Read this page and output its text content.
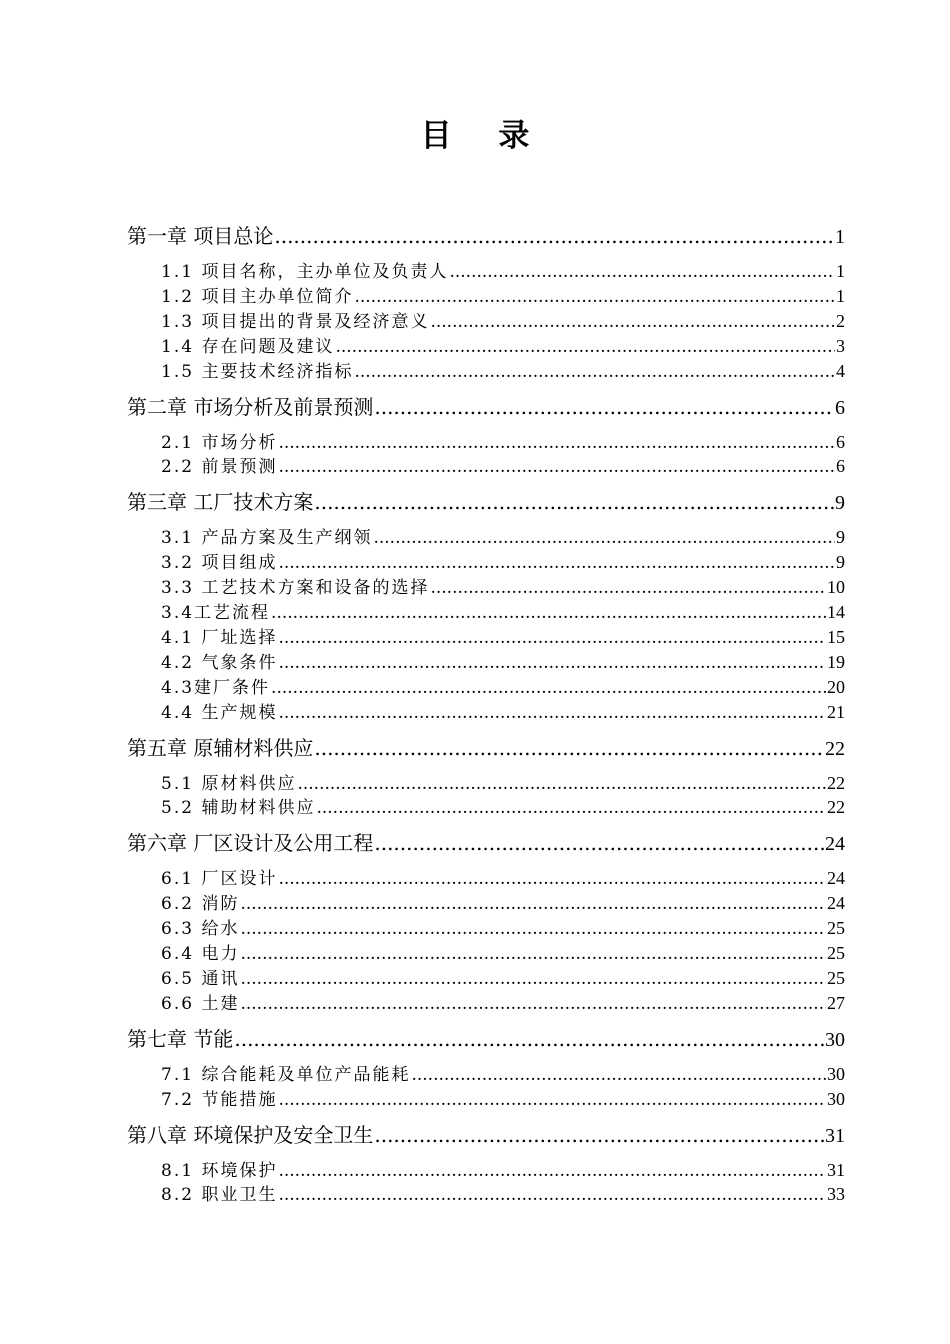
目 录
第一章 项目总论 .....	1
1.1 项目名称，主办单位及负责人 .....	1
1.2 项目主办单位简介 .....	1
1.3 项目提出的背景及经济意义 .....	2
1.4 存在问题及建议 .....	3
1.5 主要技术经济指标 .....	4
第二章 市场分析及前景预测 .....	6
2.1 市场分析 .....	6
2.2 前景预测 .....	6
第三章 工厂技术方案 .....	9
3.1 产品方案及生产纲领 .....	9
3.2 项目组成 .....	9
3.3 工艺技术方案和设备的选择 .....	10
3.4工艺流程 .....	14
4.1 厂址选择 .....	15
4.2 气象条件 .....	19
4.3建厂条件 .....	20
4.4 生产规模 .....	21
第五章 原辅材料供应 .....	22
5.1 原材料供应 .....	22
5.2 辅助材料供应 .....	22
第六章 厂区设计及公用工程 .....	24
6.1 厂区设计 .....	24
6.2 消防 .....	24
6.3 给水 .....	25
6.4 电力 .....	25
6.5 通讯 .....	25
6.6 土建 .....	27
第七章 节能 .....	30
7.1 综合能耗及单位产品能耗 .....	30
7.2 节能措施 .....	30
第八章 环境保护及安全卫生 .....	31
8.1 环境保护 .....	31
8.2 职业卫生 .....	33
